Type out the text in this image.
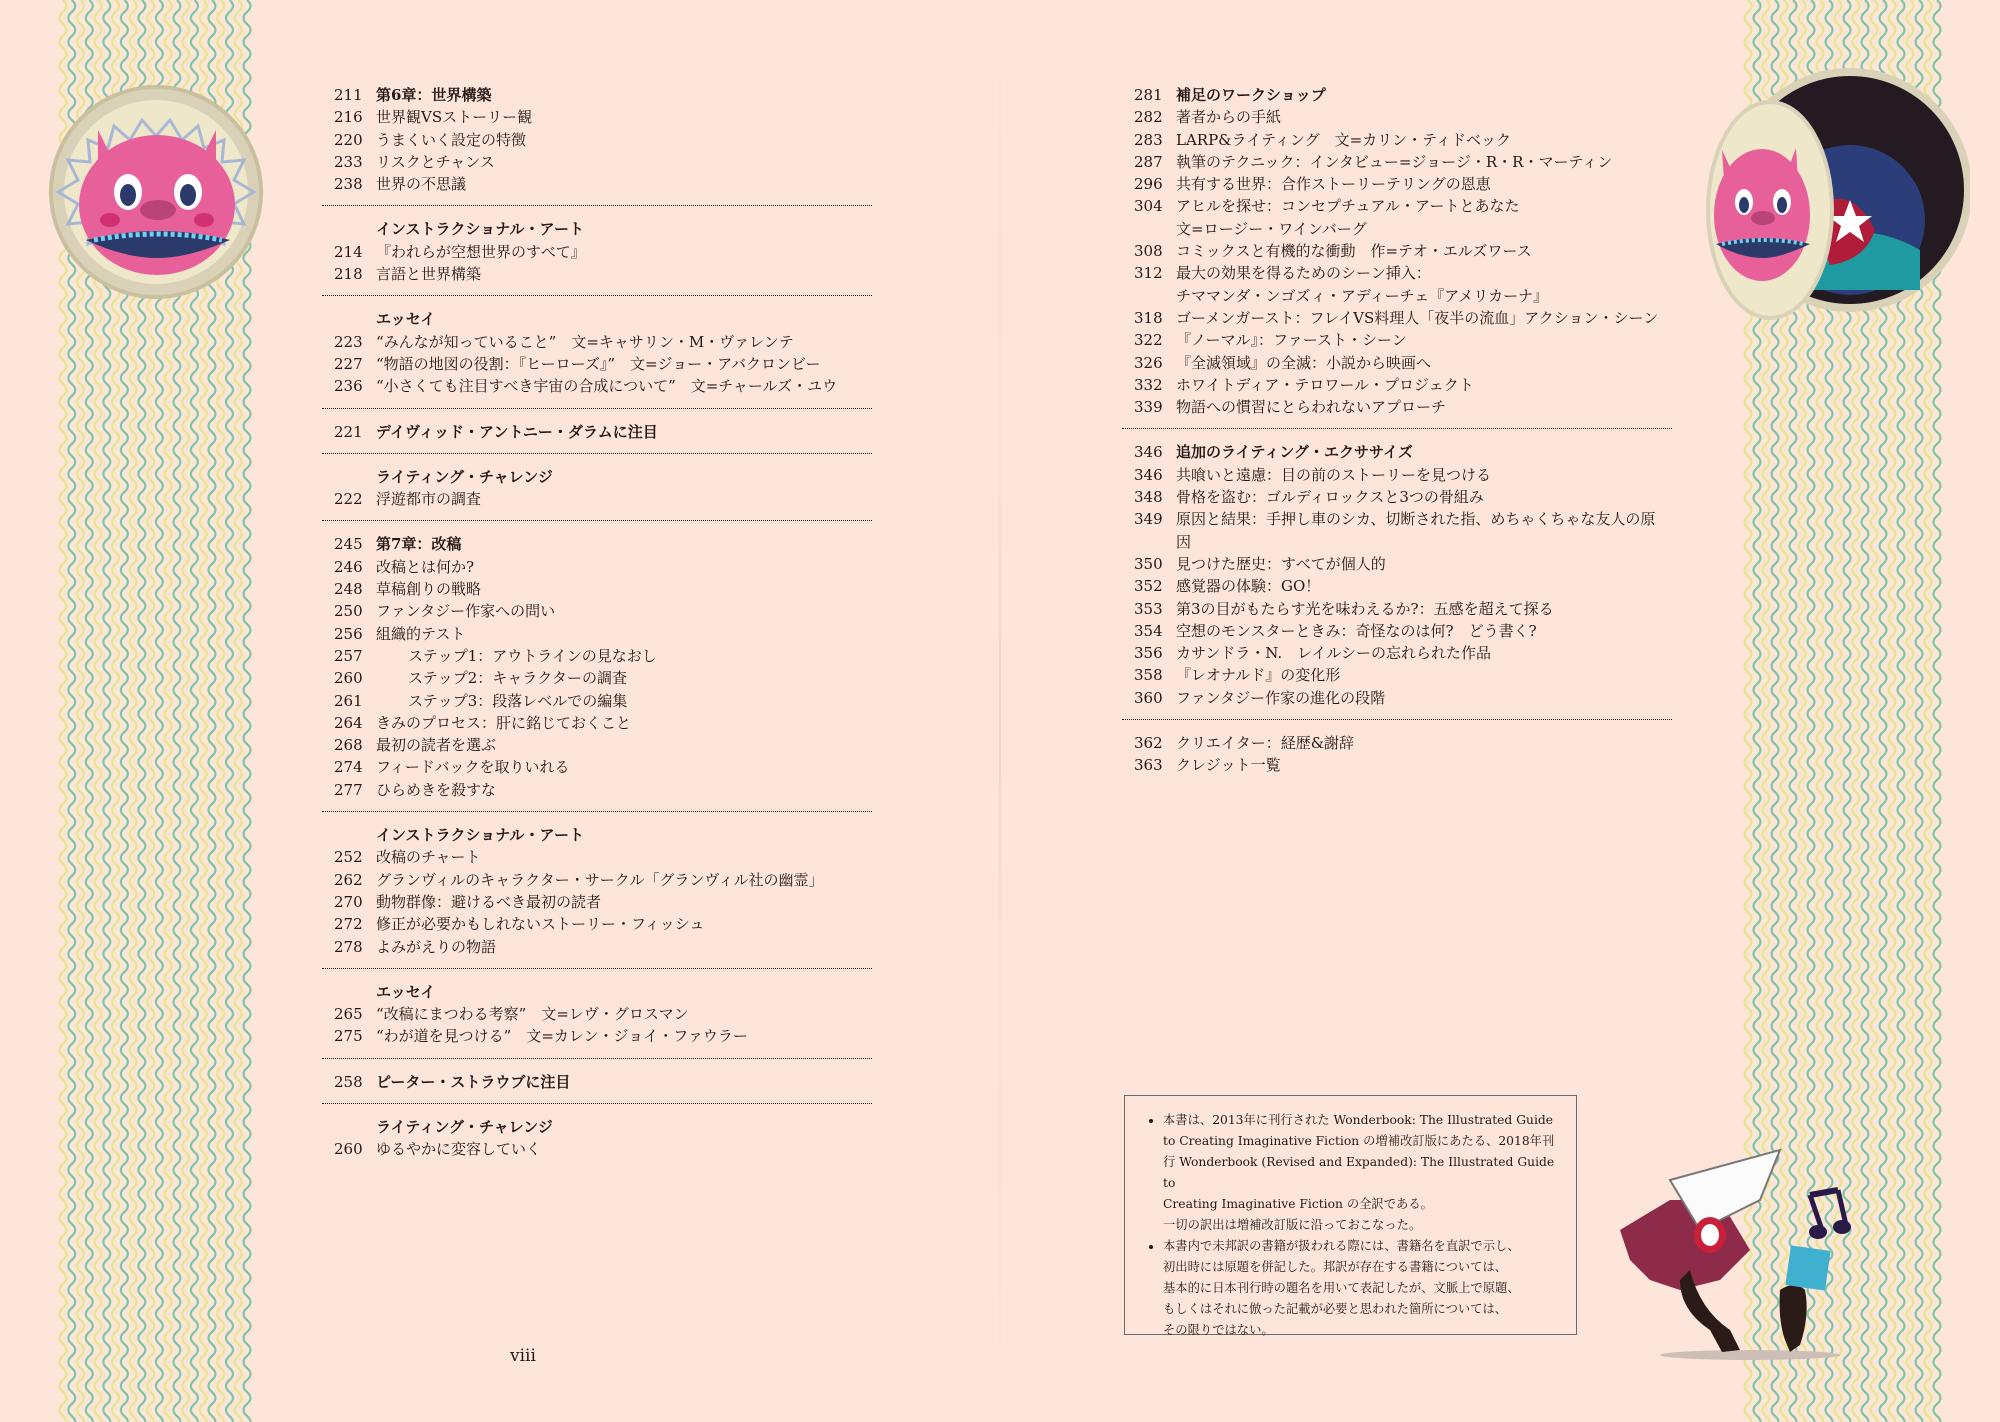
211 第6章：世界構築
216 世界観VSストーリー観
220 うまくいく設定の特徴
233 リスクとチャンス
238 世界の不思議
インストラクショナル・アート
214 『われらが空想世界のすべて』
218 言語と世界構築
エッセイ
223 “みんなが知っていること”　文=キャサリン・M・ヴァレンテ
227 “物語の地図の役割：『ヒーローズ』”　文=ジョー・アバクロンビー
236 “小さくても注目すべき宇宙の合成について”　文=チャールズ・ユウ
221 デイヴィッド・アントニー・ダラムに注目
ライティング・チャレンジ
222 浮遊都市の調査
245 第7章：改稿
246 改稿とは何か?
248 草稿創りの戦略
250 ファンタジー作家への問い
256 組織的テスト
257	ステップ1：アウトラインの見なおし
260	ステップ2：キャラクターの調査
261	ステップ3：段落レベルでの編集
264 きみのプロセス：肝に銘じておくこと
268 最初の読者を選ぶ
274 フィードバックを取りいれる
277 ひらめきを殺すな
インストラクショナル・アート
252 改稿のチャート
262 グランヴィルのキャラクター・サークル「グランヴィル社の幽霊」
270 動物群像：避けるべき最初の読者
272 修正が必要かもしれないストーリー・フィッシュ
278 よみがえりの物語
エッセイ
265 “改稿にまつわる考察”　文=レヴ・グロスマン
275 “わが道を見つける”　文=カレン・ジョイ・ファウラー
258 ピーター・ストラウブに注目
ライティング・チャレンジ
260 ゆるやかに変容していく
viii
281 補足のワークショップ
282 著者からの手紙
283 LARP&ライティング　文=カリン・ティドベック
287 執筆のテクニック：インタビュー=ジョージ・R・R・マーティン
296 共有する世界：合作ストーリーテリングの恩恵
304 アヒルを探せ：コンセプチュアル・アートとあなた
文=ロージー・ワインバーグ
308 コミックスと有機的な衝動　作=テオ・エルズワース
312 最大の効果を得るためのシーン挿入：
チママンダ・ンゴズィ・アディーチェ『アメリカーナ』
318 ゴーメンガースト：フレイVS料理人「夜半の流血」アクション・シーン
322 『ノーマル』：ファースト・シーン
326 『全滅領域』の全滅：小説から映画へ
332 ホワイトディア・テロワール・プロジェクト
339 物語への慣習にとらわれないアプローチ
346 追加のライティング・エクササイズ
346 共喰いと遠慮：目の前のストーリーを見つける
348 骨格を盗む：ゴルディロックスと3つの骨組み
349 原因と結果：手押し車のシカ、切断された指、めちゃくちゃな友人の原
因
350 見つけた歴史：すべてが個人的
352 感覚器の体験：GO！
353 第3の目がもたらす光を味わえるか?：五感を超えて探る
354 空想のモンスターときみ：奇怪なのは何?　どう書く?
356 カサンドラ・N.　レイルシーの忘れられた作品
358 『レオナルド』の変化形
360 ファンタジー作家の進化の段階
362 クリエイター：経歴&謝辞
363 クレジット一覧
• 本書は、2013年に刊行された Wonderbook: The Illustrated Guide
to Creating Imaginative Fiction の増補改訂版にあたる、2018年刊
行 Wonderbook (Revised and Expanded): The Illustrated Guide to
Creating Imaginative Fiction の全訳である。
一切の訳出は増補改訂版に沿っておこなった。
• 本書内で未邦訳の書籍が扱われる際には、書籍名を直訳で示し、
初出時には原題を併記した。邦訳が存在する書籍については、
基本的に日本刊行時の題名を用いて表記したが、文脈上で原題、
もしくはそれに倣った記載が必要と思われた箇所については、
その限りではない。
